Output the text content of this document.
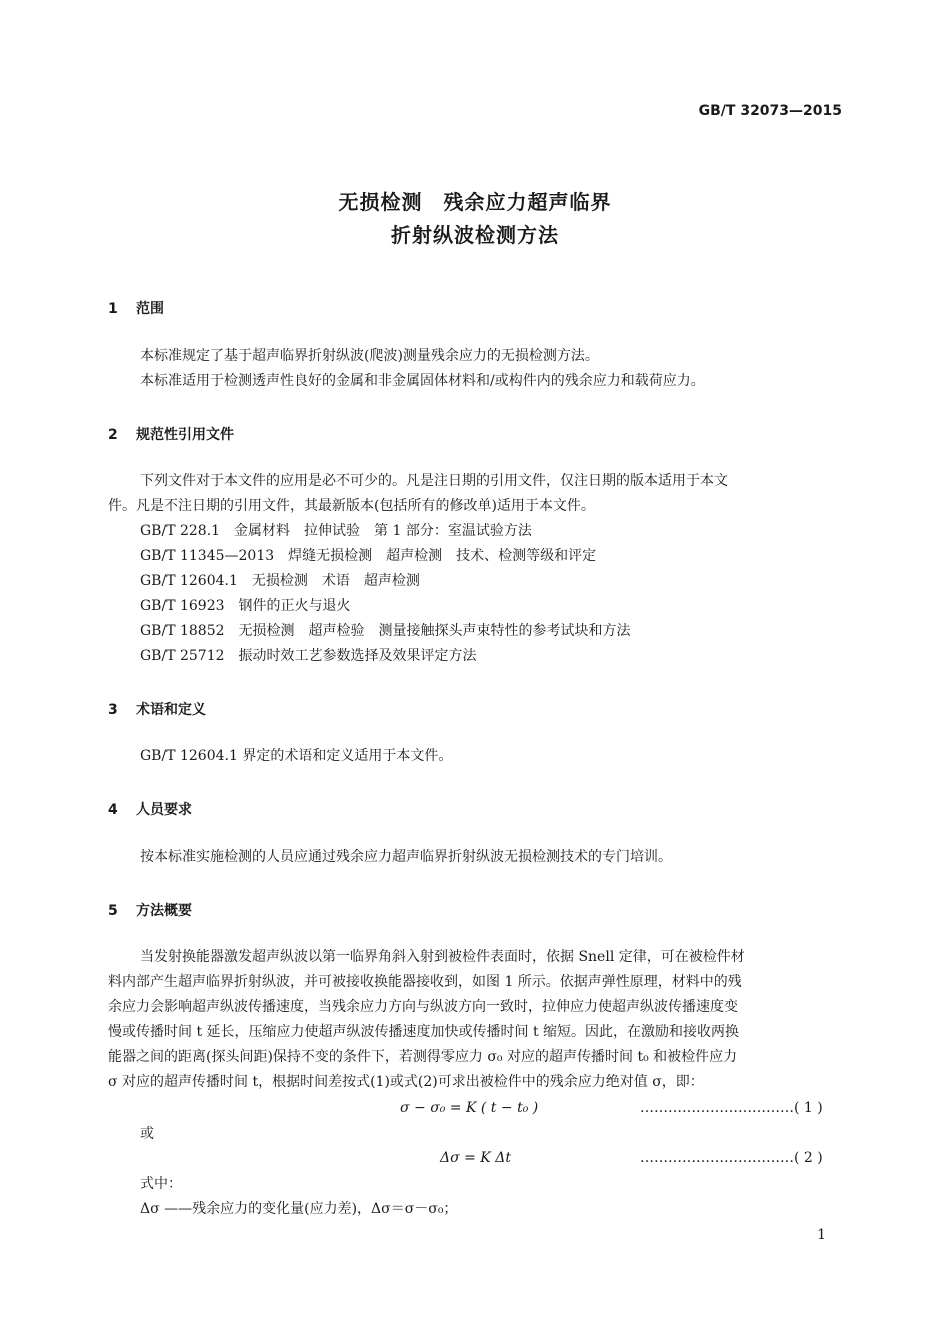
GB/T 32073—2015
无损检测　残余应力超声临界
折射纵波检测方法
1 范围
本标准规定了基于超声临界折射纵波(爬波)测量残余应力的无损检测方法。
本标准适用于检测透声性良好的金属和非金属固体材料和/或构件内的残余应力和载荷应力。
2 规范性引用文件
下列文件对于本文件的应用是必不可少的。凡是注日期的引用文件，仅注日期的版本适用于本文
件。凡是不注日期的引用文件，其最新版本(包括所有的修改单)适用于本文件。
GB/T 228.1　金属材料　拉伸试验　第 1 部分：室温试验方法
GB/T 11345—2013　焊缝无损检测　超声检测　技术、检测等级和评定
GB/T 12604.1　无损检测　术语　超声检测
GB/T 16923　钢件的正火与退火
GB/T 18852　无损检测　超声检验　测量接触探头声束特性的参考试块和方法
GB/T 25712　振动时效工艺参数选择及效果评定方法
3 术语和定义
GB/T 12604.1 界定的术语和定义适用于本文件。
4 人员要求
按本标准实施检测的人员应通过残余应力超声临界折射纵波无损检测技术的专门培训。
5 方法概要
当发射换能器激发超声纵波以第一临界角斜入射到被检件表面时，依据 Snell 定律，可在被检件材
料内部产生超声临界折射纵波，并可被接收换能器接收到，如图 1 所示。依据声弹性原理，材料中的残
余应力会影响超声纵波传播速度，当残余应力方向与纵波方向一致时，拉伸应力使超声纵波传播速度变
慢或传播时间 t 延长，压缩应力使超声纵波传播速度加快或传播时间 t 缩短。因此，在激励和接收两换
能器之间的距离(探头间距)保持不变的条件下，若测得零应力 σ₀ 对应的超声传播时间 t₀ 和被检件应力
σ 对应的超声传播时间 t，根据时间差按式(1)或式(2)可求出被检件中的残余应力绝对值 σ，即：
σ − σ₀ = K ( t − t₀ )	……………………………( 1 )
或
Δσ = K Δt	……………………………( 2 )
式中：
Δσ ——残余应力的变化量(应力差)，Δσ＝σ－σ₀；
1
